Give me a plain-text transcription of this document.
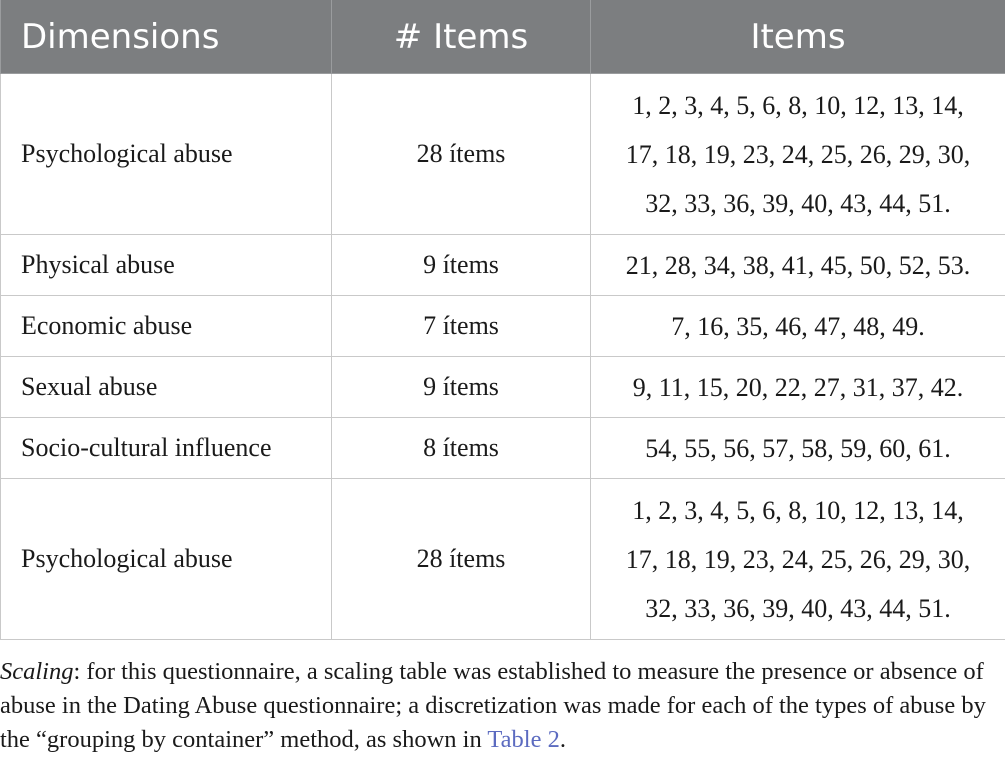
Dimensions	# Items	Items
Psychological abuse	28 ítems	1, 2, 3, 4, 5, 6, 8, 10, 12, 13, 14,
17, 18, 19, 23, 24, 25, 26, 29, 30,
32, 33, 36, 39, 40, 43, 44, 51.

Physical abuse	9 ítems	21, 28, 34, 38, 41, 45, 50, 52, 53.

Economic abuse	7 ítems	7, 16, 35, 46, 47, 48, 49.

Sexual abuse	9 ítems	9, 11, 15, 20, 22, 27, 31, 37, 42.

Socio-cultural influence	8 ítems	54, 55, 56, 57, 58, 59, 60, 61.

Psychological abuse	28 ítems	1, 2, 3, 4, 5, 6, 8, 10, 12, 13, 14,
17, 18, 19, 23, 24, 25, 26, 29, 30,
32, 33, 36, 39, 40, 43, 44, 51.

Scaling: for this questionnaire, a scaling table was established to measure the presence or absence of abuse in the Dating Abuse questionnaire; a discretization was made for each of the types of abuse by the “grouping by container” method, as shown in Table 2.
